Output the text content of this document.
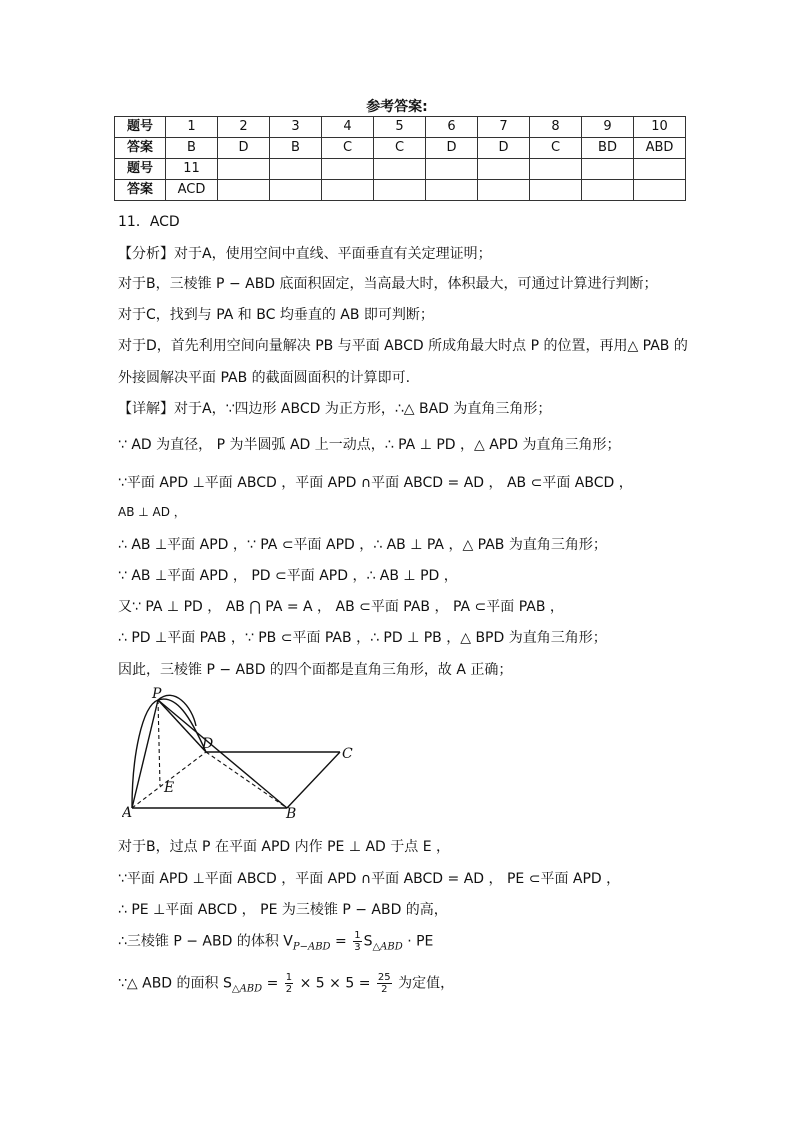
参考答案:
题号	1	2	3	4	5	6	7	8	9	10
答案	B	D	B	C	C	D	D	C	BD	ABD
题号	11									
答案	ACD									
11．ACD
【分析】对于A，使用空间中直线、平面垂直有关定理证明；
对于B，三棱锥 P − ABD 底面积固定，当高最大时，体积最大，可通过计算进行判断；
对于C，找到与 PA 和 BC 均垂直的 AB 即可判断；
对于D，首先利用空间向量解决 PB 与平面 ABCD 所成角最大时点 P 的位置，再用△ PAB 的
外接圆解决平面 PAB 的截面圆面积的计算即可.
【详解】对于A，∵四边形 ABCD 为正方形，∴△ BAD 为直角三角形；
∵ AD 为直径， P 为半圆弧 AD 上一动点，∴ PA ⊥ PD ，△ APD 为直角三角形；
∵平面 APD ⊥平面 ABCD ，平面 APD ∩平面 ABCD = AD ， AB ⊂平面 ABCD ，
AB ⊥ AD ，
∴ AB ⊥平面 APD ，∵ PA ⊂平面 APD ，∴ AB ⊥ PA ，△ PAB 为直角三角形；
∵ AB ⊥平面 APD ， PD ⊂平面 APD ，∴ AB ⊥ PD ，
又∵ PA ⊥ PD ， AB ⋂ PA = A ， AB ⊂平面 PAB ， PA ⊂平面 PAB ，
∴ PD ⊥平面 PAB ，∵ PB ⊂平面 PAB ，∴ PD ⊥ PB ，△ BPD 为直角三角形；
因此，三棱锥 P − ABD 的四个面都是直角三角形，故 A 正确；
P
D
C
E
A	B
对于B，过点 P 在平面 APD 内作 PE ⊥ AD 于点 E ，
∵平面 APD ⊥平面 ABCD ，平面 APD ∩平面 ABCD = AD ， PE ⊂平面 APD ，
∴ PE ⊥平面 ABCD ， PE 为三棱锥 P − ABD 的高，
∴三棱锥 P − ABD 的体积 $V_{P-ABD} = \frac{1}{3} S_{\triangle ABD}$ · PE
∵△ ABD 的面积 $S_{\triangle ABD} = \frac{1}{2} \times 5 \times 5 = \frac{25}{2}$ 为定值，
